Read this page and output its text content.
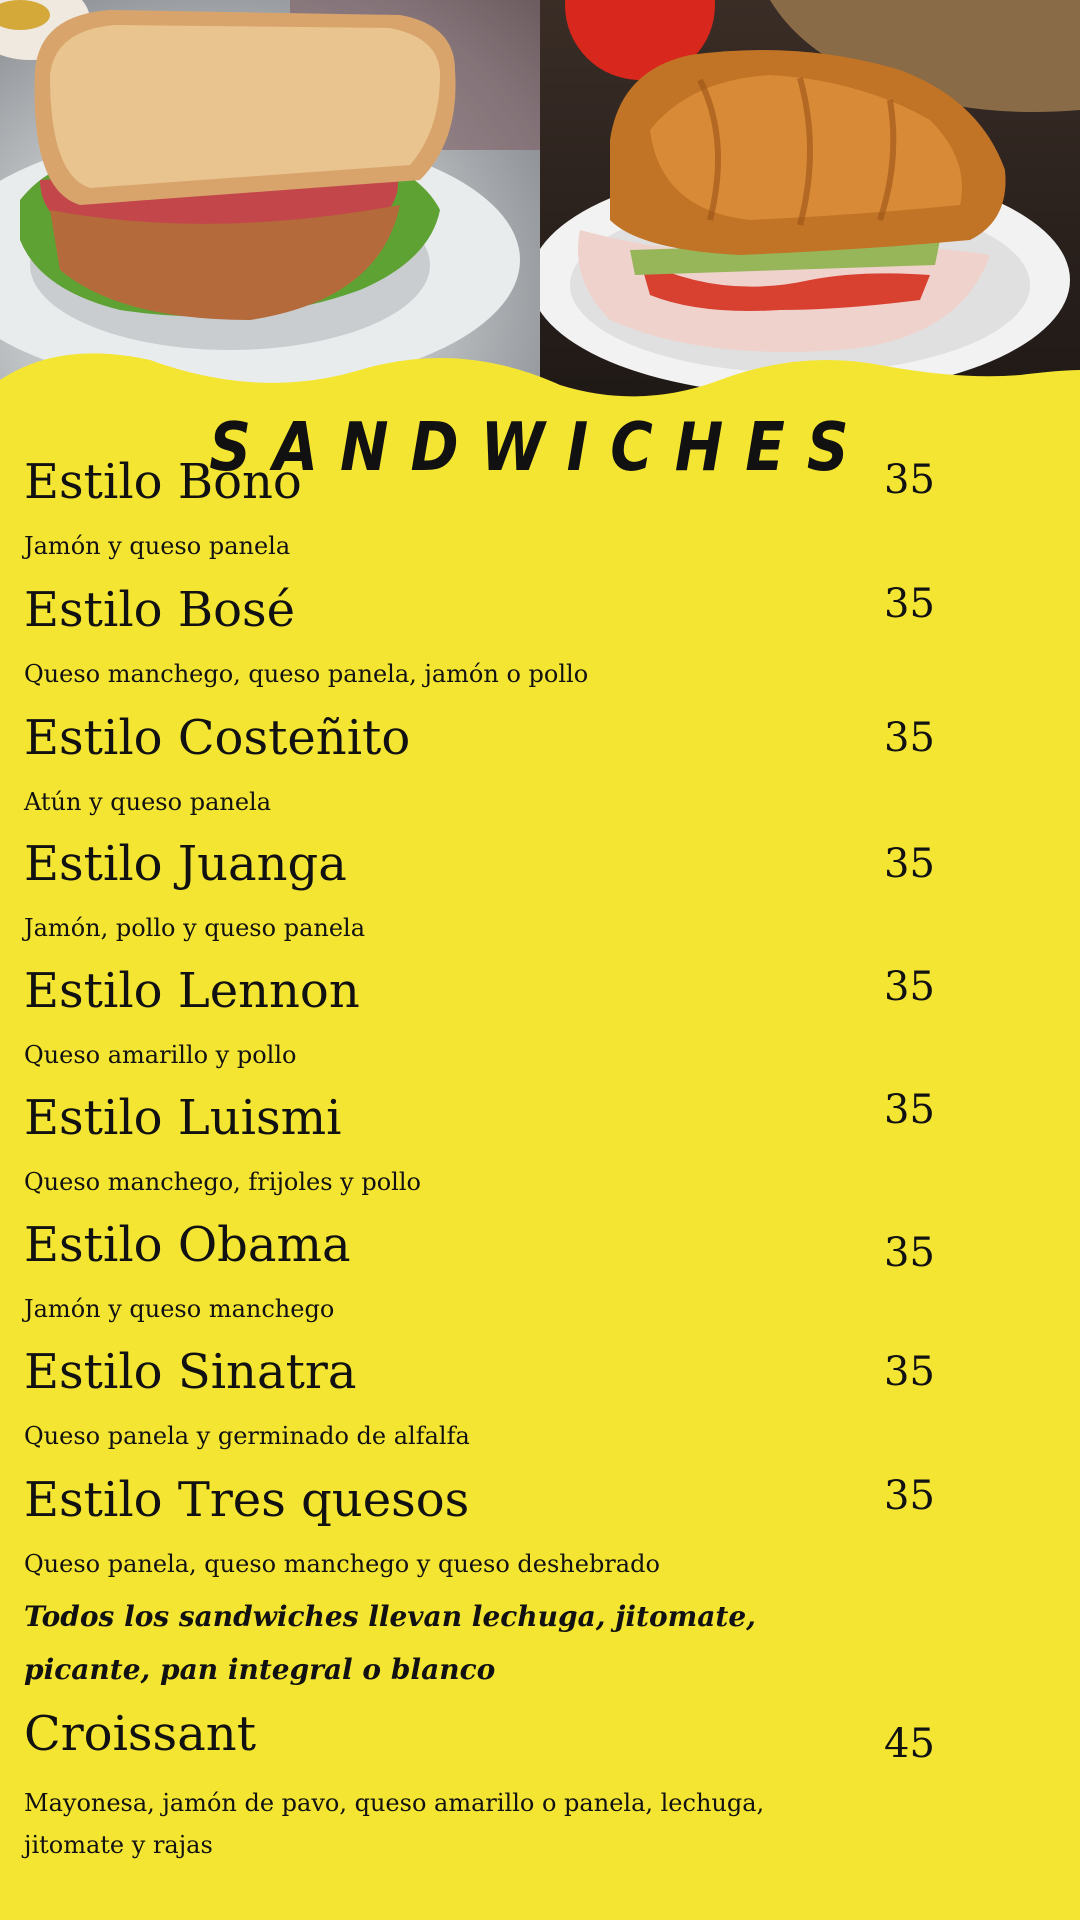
SANDWICHES
Estilo Bono	35
Jamón y queso panela
Estilo Bosé	35
Queso manchego, queso panela, jamón o pollo
Estilo Costeñito	35
Atún y queso panela
Estilo Juanga	35
Jamón, pollo y queso panela
Estilo Lennon	35
Queso amarillo y pollo
Estilo Luismi	35
Queso manchego, frijoles y pollo
Estilo Obama	35
Jamón y queso manchego
Estilo Sinatra	35
Queso panela y germinado de alfalfa
Estilo Tres quesos	35
Queso panela, queso manchego y queso deshebrado
Todos los sandwiches llevan lechuga, jitomate, picante, pan integral o blanco
Croissant	45
Mayonesa, jamón de pavo, queso amarillo o panela, lechuga, jitomate y rajas
